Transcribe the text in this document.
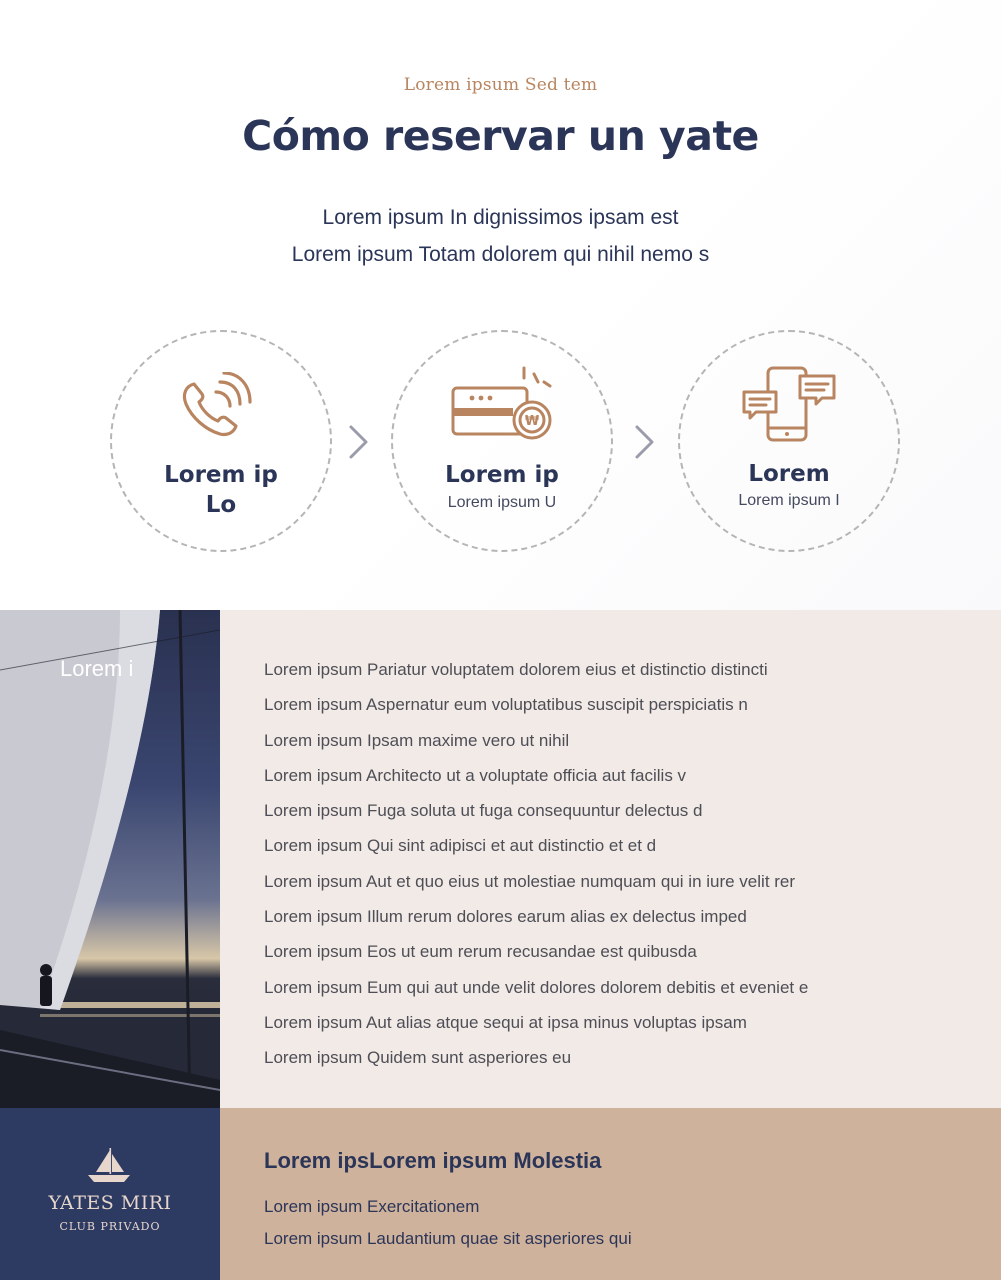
Lorem ipsum Sed tem
Cómo reservar un yate
Lorem ipsum In dignissimos ipsam est
Lorem ipsum Totam dolorem qui nihil nemo s
Lorem ip
Lo
₩
Lorem ip
Lorem ipsum U
Lorem
Lorem ipsum I
Lorem i	Lorem ipsum Pariatur voluptatem dolorem eius et distinctio distincti
Lorem ipsum Aspernatur eum voluptatibus suscipit perspiciatis n
Lorem ipsum Ipsam maxime vero ut nihil
Lorem ipsum Architecto ut a voluptate officia aut facilis v
Lorem ipsum Fuga soluta ut fuga consequuntur delectus d
Lorem ipsum Qui sint adipisci et aut distinctio et et d
Lorem ipsum Aut et quo eius ut molestiae numquam qui in iure velit rer
Lorem ipsum Illum rerum dolores earum alias ex delectus imped
Lorem ipsum Eos ut eum rerum recusandae est quibusda
Lorem ipsum Eum qui aut unde velit dolores dolorem debitis et eveniet e
Lorem ipsum Aut alias atque sequi at ipsa minus voluptas ipsam
Lorem ipsum Quidem sunt asperiores eu
YATES MIRI
CLUB PRIVADO
Lorem ipsLorem ipsum Molestia
Lorem ipsum Exercitationem
Lorem ipsum Laudantium quae sit asperiores qui
